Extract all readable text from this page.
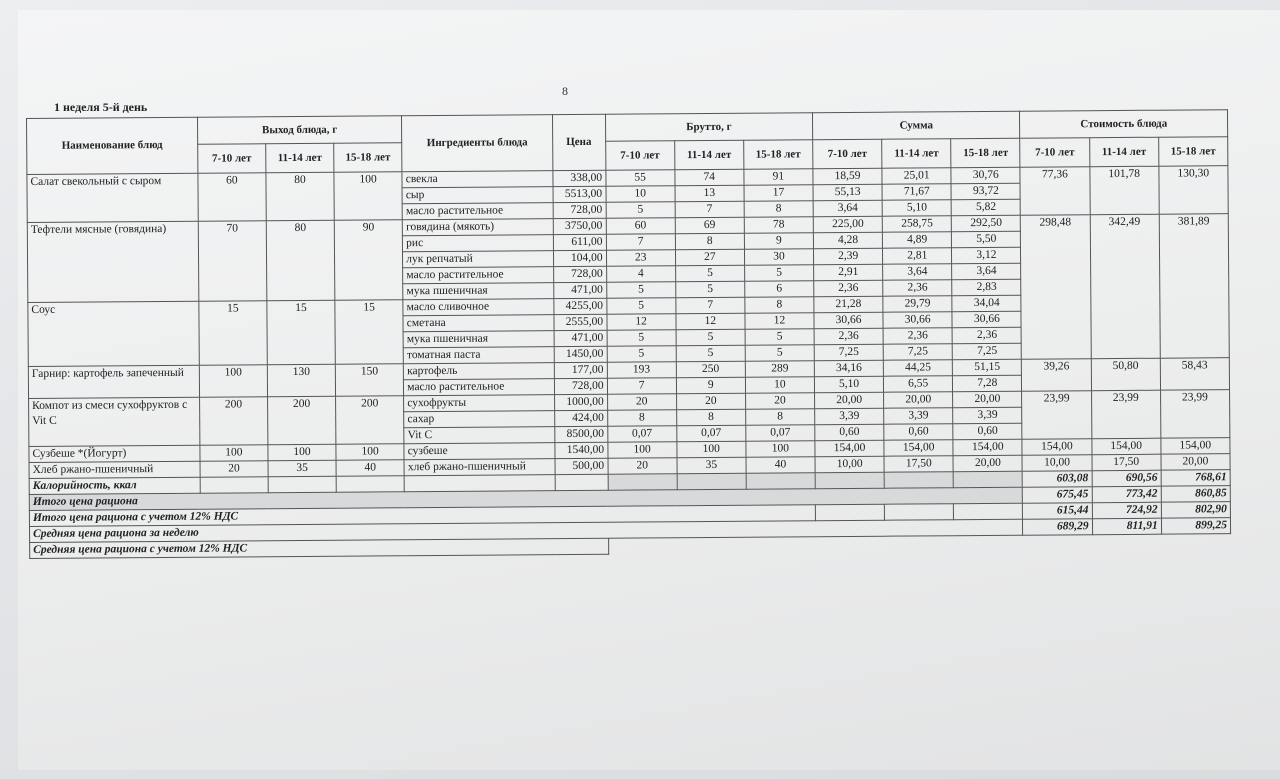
8
1 неделя 5-й день
Наименование блюд	Выход блюда, г			Ингредиенты блюда	Цена	Брутто, г			Сумма			Стоимость блюда		
	7-10 лет	11-14 лет	15-18 лет			7-10 лет	11-14 лет	15-18 лет	7-10 лет	11-14 лет	15-18 лет	7-10 лет	11-14 лет	15-18 лет
Салат свекольный с сыром	60	80	100	свекла	338,00	55	74	91	18,59	25,01	30,76	77,36	101,78	130,30
				сыр	5513,00	10	13	17	55,13	71,67	93,72			
				масло растительное	728,00	5	7	8	3,64	5,10	5,82			
Тефтели мясные (говядина)	70	80	90	говядина (мякоть)	3750,00	60	69	78	225,00	258,75	292,50	298,48	342,49	381,89
				рис	611,00	7	8	9	4,28	4,89	5,50			
				лук репчатый	104,00	23	27	30	2,39	2,81	3,12			
				масло растительное	728,00	4	5	5	2,91	3,64	3,64			
				мука пшеничная	471,00	5	5	6	2,36	2,36	2,83			
Соус	15	15	15	масло сливочное	4255,00	5	7	8	21,28	29,79	34,04			
				сметана	2555,00	12	12	12	30,66	30,66	30,66			
				мука пшеничная	471,00	5	5	5	2,36	2,36	2,36			
				томатная паста	1450,00	5	5	5	7,25	7,25	7,25			
Гарнир: картофель запеченный	100	130	150	картофель	177,00	193	250	289	34,16	44,25	51,15	39,26	50,80	58,43
				масло растительное	728,00	7	9	10	5,10	6,55	7,28			
Компот из смеси сухофруктов с Vit C	200	200	200	сухофрукты	1000,00	20	20	20	20,00	20,00	20,00	23,99	23,99	23,99
				сахар	424,00	8	8	8	3,39	3,39	3,39			
				Vit C	8500,00	0,07	0,07	0,07	0,60	0,60	0,60			
Сузбеше *(Йогурт)	100	100	100	сузбеше	1540,00	100	100	100	154,00	154,00	154,00	154,00	154,00	154,00
Хлеб ржано-пшеничный	20	35	40	хлеб ржано-пшеничный	500,00	20	35	40	10,00	17,50	20,00	10,00	17,50	20,00
Калорийность, ккал												603,08	690,56	768,61
Итого цена рациона												675,45	773,42	860,85
Итого цена рациона с учетом 12% НДС												615,44	724,92	802,90
Средняя цена рациона за неделю												689,29	811,91	899,25
Средняя цена рациона с учетом 12% НДС														
